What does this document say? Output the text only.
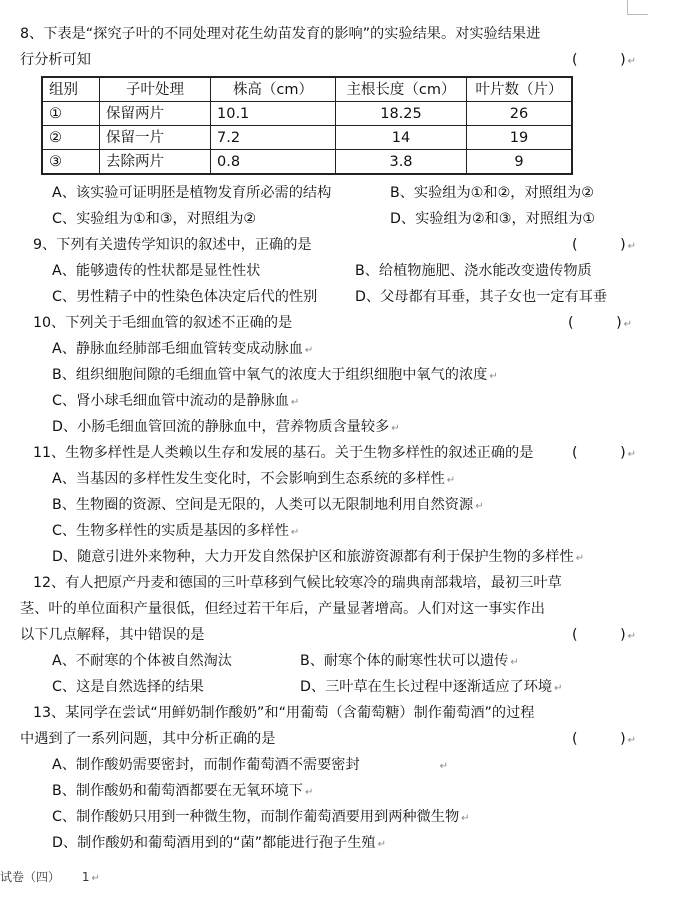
8、下表是“探究子叶的不同处理对花生幼苗发育的影响”的实验结果。对实验结果进
行分析可知	(　　　) ↵
组别	子叶处理	株高（cm）	主根长度（cm）	叶片数（片）
①	保留两片	10.1	18.25	26
②	保留一片	7.2	14	19
③	去除两片	0.8	3.8	9
A、该实验可证明胚是植物发育所必需的结构	B、实验组为①和②，对照组为②
C、实验组为①和③，对照组为②	D、实验组为②和③，对照组为①
9、下列有关遗传学知识的叙述中，正确的是	(　　　) ↵
A、能够遗传的性状都是显性性状	B、给植物施肥、浇水能改变遗传物质
C、男性精子中的性染色体决定后代的性别	D、父母都有耳垂，其子女也一定有耳垂
10、下列关于毛细血管的叙述不正确的是	(　　　) ↵
A、静脉血经肺部毛细血管转变成动脉血 ↵
B、组织细胞间隙的毛细血管中氧气的浓度大于组织细胞中氧气的浓度 ↵
C、肾小球毛细血管中流动的是静脉血 ↵
D、小肠毛细血管回流的静脉血中，营养物质含量较多 ↵
11、生物多样性是人类赖以生存和发展的基石。关于生物多样性的叙述正确的是	(　　　) ↵
A、当基因的多样性发生变化时，不会影响到生态系统的多样性 ↵
B、生物圈的资源、空间是无限的，人类可以无限制地利用自然资源 ↵
C、生物多样性的实质是基因的多样性 ↵
D、随意引进外来物种，大力开发自然保护区和旅游资源都有利于保护生物的多样性 ↵
12、有人把原产丹麦和德国的三叶草移到气候比较寒冷的瑞典南部栽培，最初三叶草
茎、叶的单位面积产量很低，但经过若干年后，产量显著增高。人们对这一事实作出
以下几点解释，其中错误的是	(　　　) ↵
A、不耐寒的个体被自然淘汰	B、耐寒个体的耐寒性状可以遗传 ↵
C、这是自然选择的结果	D、三叶草在生长过程中逐渐适应了环境 ↵
13、某同学在尝试“用鲜奶制作酸奶”和“用葡萄（含葡萄糖）制作葡萄酒”的过程
中遇到了一系列问题，其中分析正确的是	(　　　) ↵
A、制作酸奶需要密封，而制作葡萄酒不需要密封	↵
B、制作酸奶和葡萄酒都要在无氧环境下 ↵
C、制作酸奶只用到一种微生物，而制作葡萄酒要用到两种微生物 ↵
D、制作酸奶和葡萄酒用到的“菌”都能进行孢子生殖 ↵
试卷（四） 1 ↵
